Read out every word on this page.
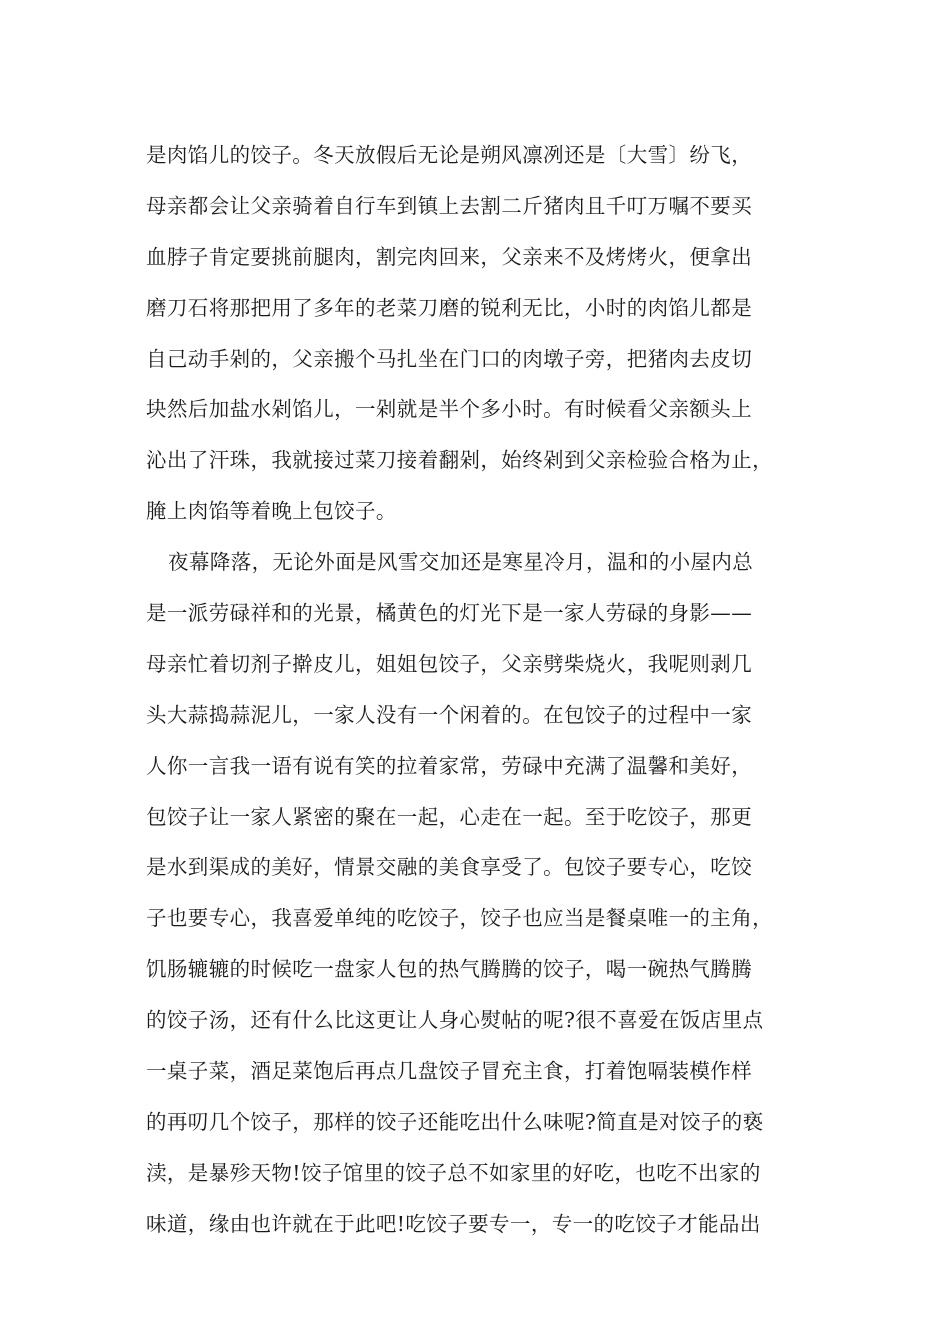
是肉馅儿的饺子。冬天放假后无论是朔风凛冽还是〔大雪〕纷飞，
母亲都会让父亲骑着自行车到镇上去割二斤猪肉且千叮万嘱不要买
血脖子肯定要挑前腿肉，割完肉回来，父亲来不及烤烤火，便拿出
磨刀石将那把用了多年的老菜刀磨的锐利无比，小时的肉馅儿都是
自己动手剁的，父亲搬个马扎坐在门口的肉墩子旁，把猪肉去皮切
块然后加盐水剁馅儿，一剁就是半个多小时。有时候看父亲额头上
沁出了汗珠，我就接过菜刀接着翻剁，始终剁到父亲检验合格为止，
腌上肉馅等着晚上包饺子。
夜幕降落，无论外面是风雪交加还是寒星冷月，温和的小屋内总
是一派劳碌祥和的光景，橘黄色的灯光下是一家人劳碌的身影——
母亲忙着切剂子擀皮儿，姐姐包饺子，父亲劈柴烧火，我呢则剥几
头大蒜捣蒜泥儿，一家人没有一个闲着的。在包饺子的过程中一家
人你一言我一语有说有笑的拉着家常，劳碌中充满了温馨和美好，
包饺子让一家人紧密的聚在一起，心走在一起。至于吃饺子，那更
是水到渠成的美好，情景交融的美食享受了。包饺子要专心，吃饺
子也要专心，我喜爱单纯的吃饺子，饺子也应当是餐桌唯一的主角，
饥肠辘辘的时候吃一盘家人包的热气腾腾的饺子，喝一碗热气腾腾
的饺子汤，还有什么比这更让人身心熨帖的呢?很不喜爱在饭店里点
一桌子菜，酒足菜饱后再点几盘饺子冒充主食，打着饱嗝装模作样
的再叨几个饺子，那样的饺子还能吃出什么味呢?简直是对饺子的亵
渎，是暴殄天物!饺子馆里的饺子总不如家里的好吃，也吃不出家的
味道，缘由也许就在于此吧!吃饺子要专一，专一的吃饺子才能品出
